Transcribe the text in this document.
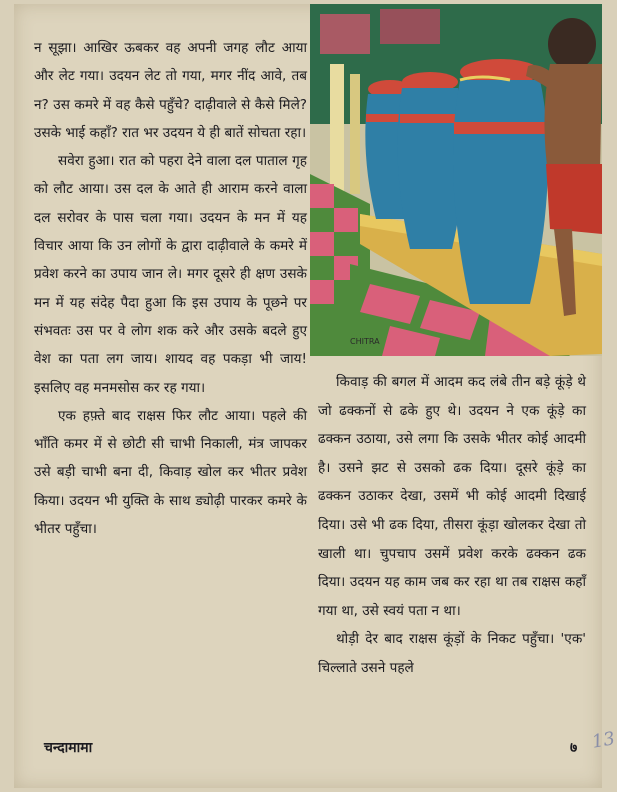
न सूझा। आखिर ऊबकर वह अपनी जगह लौट आया और लेट गया। उदयन लेट तो गया, मगर नींद आवे, तब न? उस कमरे में वह कैसे पहुँचे? दाढ़ीवाले से कैसे मिले? उसके भाई कहाँ? रात भर उदयन ये ही बातें सोचता रहा।

सवेरा हुआ। रात को पहरा देने वाला दल पाताल गृह को लौट आया। उस दल के आते ही आराम करने वाला दल सरोवर के पास चला गया। उदयन के मन में यह विचार आया कि उन लोगों के द्वारा दाढ़ीवाले के कमरे में प्रवेश करने का उपाय जान ले। मगर दूसरे ही क्षण उसके मन में यह संदेह पैदा हुआ कि इस उपाय के पूछने पर संभवतः उस पर वे लोग शक करे और उसके बदले हुए वेश का पता लग जाय। शायद वह पकड़ा भी जाय! इसलिए वह मनमसोस कर रह गया।

एक हफ़्ते बाद राक्षस फिर लौट आया। पहले की भाँति कमर में से छोटी सी चाभी निकाली, मंत्र जापकर उसे बड़ी चाभी बना दी, किवाड़ खोल कर भीतर प्रवेश किया। उदयन भी युक्ति के साथ ड्योढ़ी पारकर कमरे के भीतर पहुँचा।

CHITRA

किवाड़ की बगल में आदम कद लंबे तीन बड़े कूंड़े थे जो ढक्कनों से ढके हुए थे। उदयन ने एक कूंड़े का ढक्कन उठाया, उसे लगा कि उसके भीतर कोई आदमी है। उसने झट से उसको ढक दिया। दूसरे कूंड़े का ढक्कन उठाकर देखा, उसमें भी कोई आदमी दिखाई दिया। उसे भी ढक दिया, तीसरा कूंड़ा खोलकर देखा तो खाली था। चुपचाप उसमें प्रवेश करके ढक्कन ढक दिया। उदयन यह काम जब कर रहा था तब राक्षस कहाँ गया था, उसे स्वयं पता न था।

थोड़ी देर बाद राक्षस कूंड़ों के निकट पहुँचा। 'एक' चिल्लाते उसने पहले

चन्दामामा	७ 13
